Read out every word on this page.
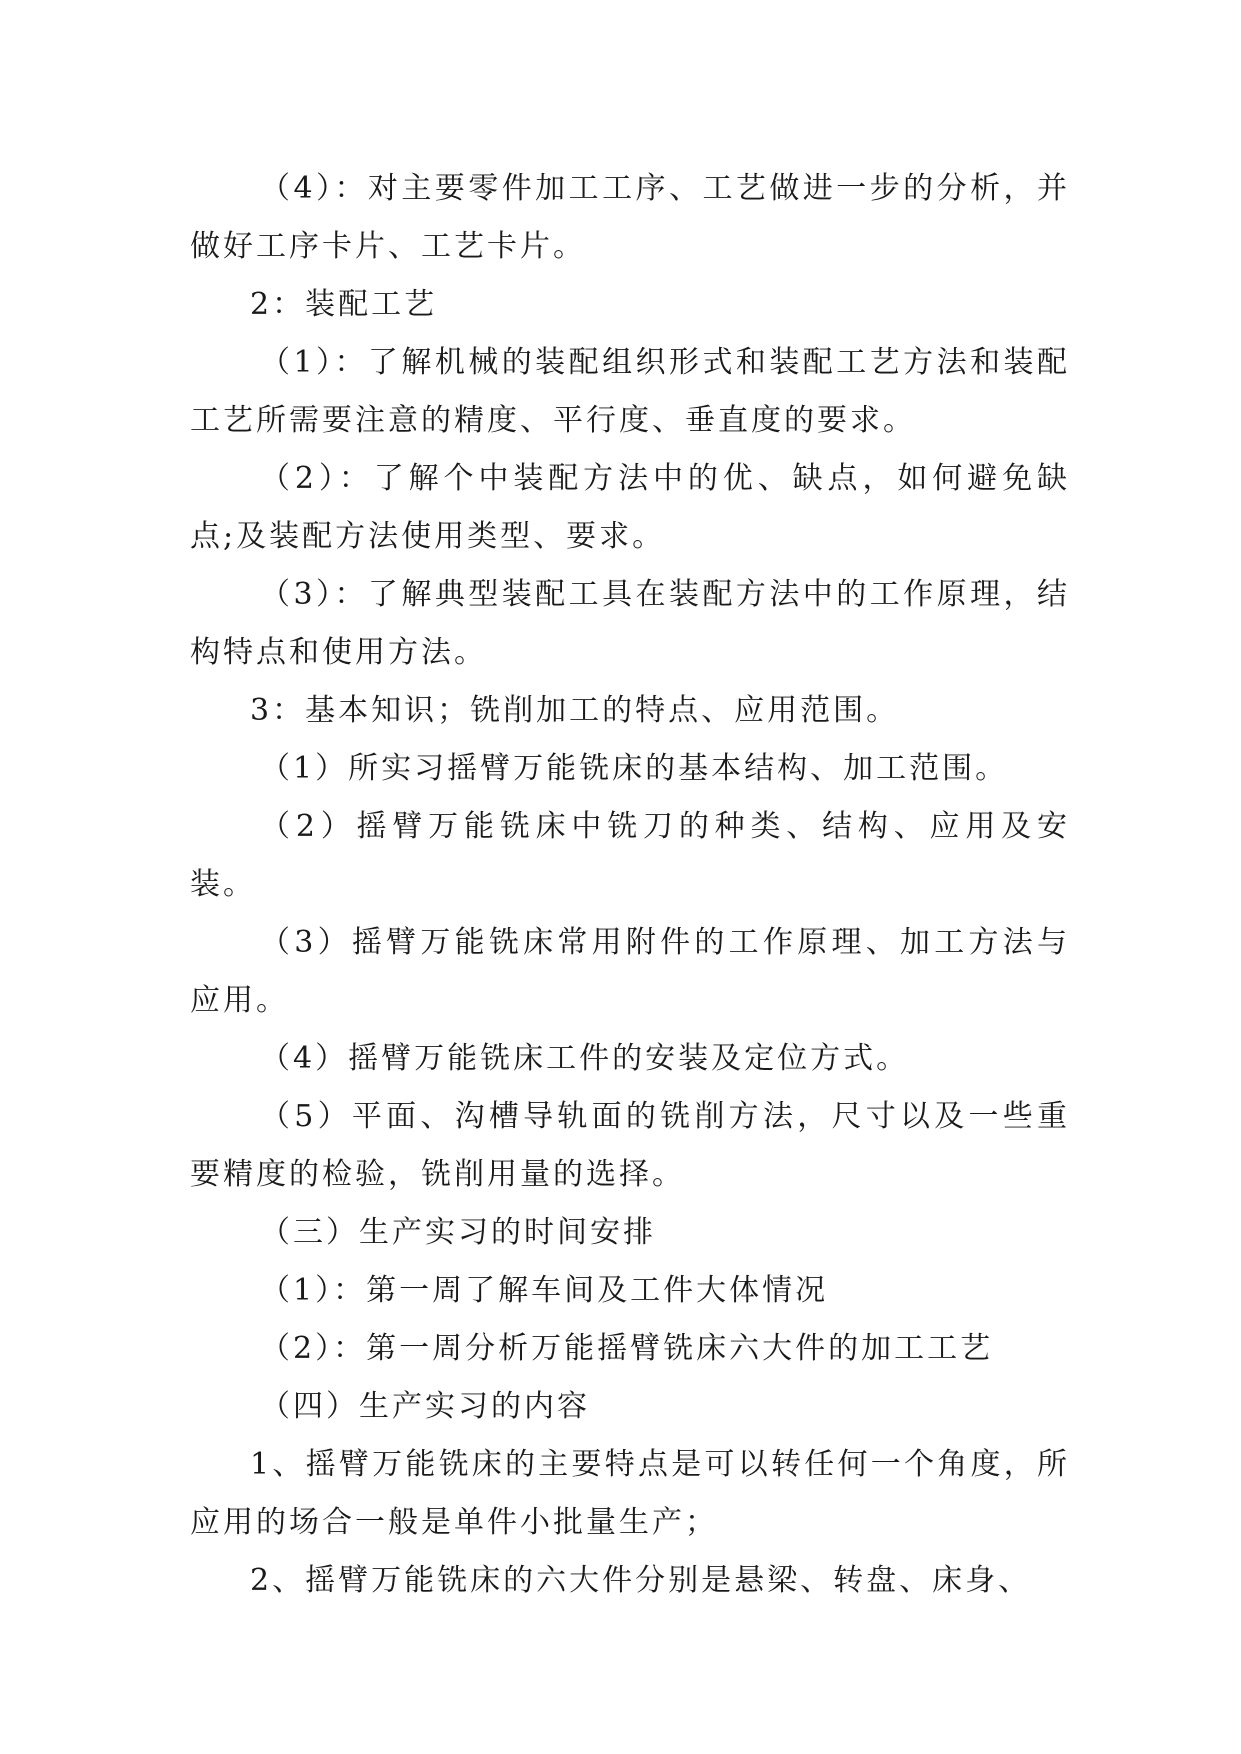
（4）：对主要零件加工工序、工艺做进一步的分析，并做好工序卡片、工艺卡片。

2：装配工艺

（1）：了解机械的装配组织形式和装配工艺方法和装配工艺所需要注意的精度、平行度、垂直度的要求。

（2）：了解个中装配方法中的优、缺点，如何避免缺点;及装配方法使用类型、要求。

（3）：了解典型装配工具在装配方法中的工作原理，结构特点和使用方法。

3：基本知识；铣削加工的特点、应用范围。

（1）所实习摇臂万能铣床的基本结构、加工范围。

（2）摇臂万能铣床中铣刀的种类、结构、应用及安装。

（3）摇臂万能铣床常用附件的工作原理、加工方法与应用。

（4）摇臂万能铣床工件的安装及定位方式。

（5）平面、沟槽导轨面的铣削方法，尺寸以及一些重要精度的检验，铣削用量的选择。

（三）生产实习的时间安排

（1）：第一周了解车间及工件大体情况

（2）：第一周分析万能摇臂铣床六大件的加工工艺

（四）生产实习的内容

1、摇臂万能铣床的主要特点是可以转任何一个角度，所应用的场合一般是单件小批量生产；

2、摇臂万能铣床的六大件分别是悬梁、转盘、床身、
